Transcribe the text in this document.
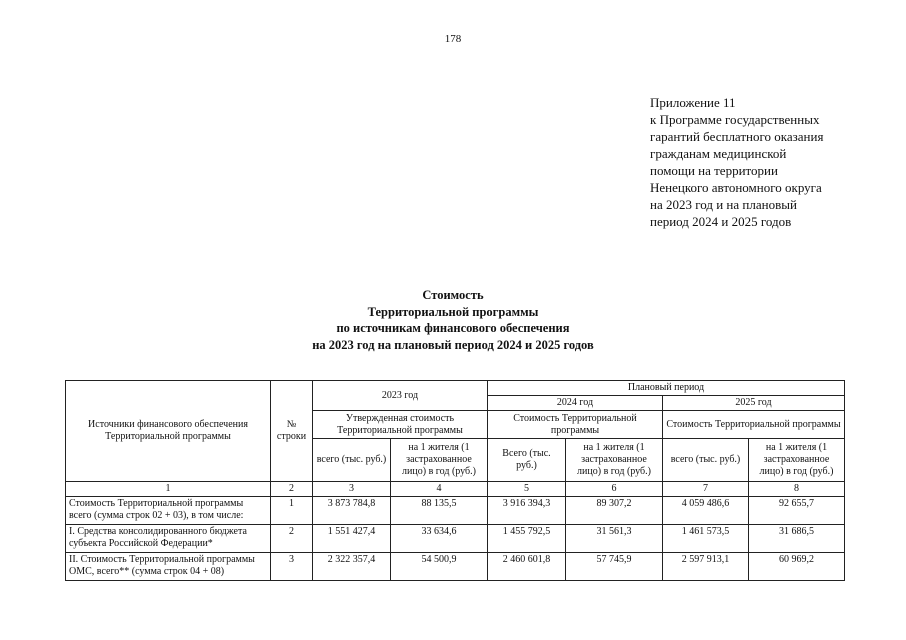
178
Приложение 11
к Программе государственных
гарантий бесплатного оказания
гражданам медицинской
помощи на территории
Ненецкого автономного округа
на 2023 год и на плановый
период 2024 и 2025 годов
Стоимость
Территориальной программы
по источникам финансового обеспечения
на 2023 год на плановый период 2024 и 2025 годов
Источники финансового обеспечения Территориальной программы	№ строки	2023 год		Плановый период			
				2024 год		2025 год	
		Утвержденная стоимость Территориальной программы		Стоимость Территориальной программы		Стоимость Территориальной программы	
		всего (тыс. руб.)	на 1 жителя (1 застрахованное лицо) в год (руб.)	Всего (тыс. руб.)	на 1 жителя (1 застрахованное лицо) в год (руб.)	всего (тыс. руб.)	на 1 жителя (1 застрахованное лицо) в год (руб.)
1	2	3	4	5	6	7	8
Стоимость Территориальной программы всего (сумма строк 02 + 03), в том числе:	1	3 873 784,8	88 135,5	3 916 394,3	89 307,2	4 059 486,6	92 655,7
I. Средства консолидированного бюджета субъекта Российской Федерации*	2	1 551 427,4	33 634,6	1 455 792,5	31 561,3	1 461 573,5	31 686,5
II. Стоимость Территориальной программы ОМС, всего** (сумма строк 04 + 08)	3	2 322 357,4	54 500,9	2 460 601,8	57 745,9	2 597 913,1	60 969,2
